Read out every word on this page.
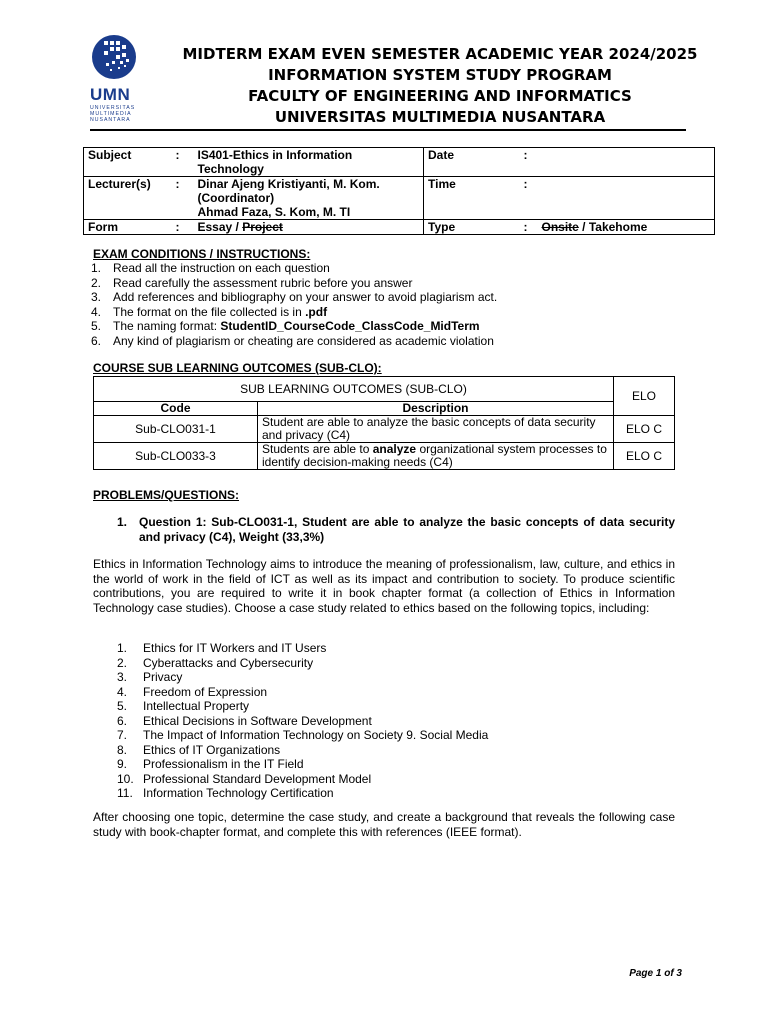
UMN
UNIVERSITAS
MULTIMEDIA
NUSANTARA
MIDTERM EXAM EVEN SEMESTER ACADEMIC YEAR 2024/2025
INFORMATION SYSTEM STUDY PROGRAM
FACULTY OF ENGINEERING AND INFORMATICS
UNIVERSITAS MULTIMEDIA NUSANTARA
Subject	:	IS401-Ethics in Information Technology	Date	:	
Lecturer(s)	:	Dinar Ajeng Kristiyanti, M. Kom.
(Coordinator)
Ahmad Faza, S. Kom, M. TI	Time	:	
Form	:	Essay / Project	Type	:	Onsite / Takehome
EXAM CONDITIONS / INSTRUCTIONS:
1. Read all the instruction on each question
2. Read carefully the assessment rubric before you answer
3. Add references and bibliography on your answer to avoid plagiarism act.
4. The format on the file collected is in .pdf
5. The naming format: StudentID_CourseCode_ClassCode_MidTerm
6. Any kind of plagiarism or cheating are considered as academic violation
COURSE SUB LEARNING OUTCOMES (SUB-CLO):
SUB LEARNING OUTCOMES (SUB-CLO)		ELO
Code	Description	
Sub-CLO031-1	Student are able to analyze the basic concepts of data security and privacy (C4)	ELO C
Sub-CLO033-3	Students are able to analyze organizational system processes to identify decision-making needs (C4)	ELO C
PROBLEMS/QUESTIONS:
1. Question 1: Sub-CLO031-1, Student are able to analyze the basic concepts of data security and privacy (C4), Weight (33,3%)
Ethics in Information Technology aims to introduce the meaning of professionalism, law, culture, and ethics in the world of work in the field of ICT as well as its impact and contribution to society. To produce scientific contributions, you are required to write it in book chapter format (a collection of Ethics in Information Technology case studies). Choose a case study related to ethics based on the following topics, including:
1.	Ethics for IT Workers and IT Users
2.	Cyberattacks and Cybersecurity
3.	Privacy
4.	Freedom of Expression
5.	Intellectual Property
6.	Ethical Decisions in Software Development
7.	The Impact of Information Technology on Society 9. Social Media
8.	Ethics of IT Organizations
9.	Professionalism in the IT Field
10. Professional Standard Development Model
11. Information Technology Certification
After choosing one topic, determine the case study, and create a background that reveals the following case study with book-chapter format, and complete this with references (IEEE format).
Page 1 of 3
